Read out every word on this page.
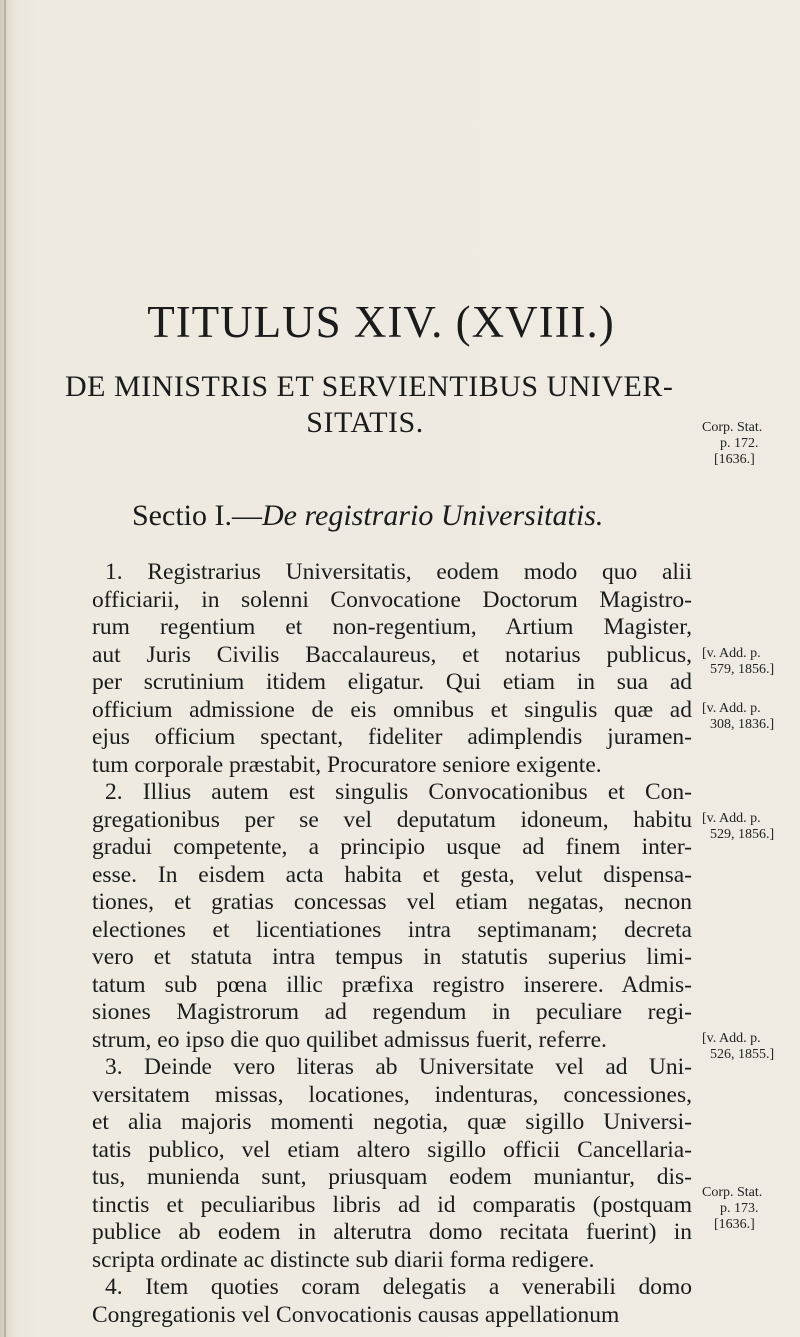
TITULUS XIV. (XVIII.)
DE MINISTRIS ET SERVIENTIBUS UNIVER-
SITATIS.
Sectio I.—De registrario Universitatis.
1. Registrarius Universitatis, eodem modo quo alii
officiarii, in solenni Convocatione Doctorum Magistro-
rum regentium et non-regentium, Artium Magister,
aut Juris Civilis Baccalaureus, et notarius publicus,
per scrutinium itidem eligatur. Qui etiam in sua ad
officium admissione de eis omnibus et singulis quæ ad
ejus officium spectant, fideliter adimplendis juramen-
tum corporale præstabit, Procuratore seniore exigente.
2. Illius autem est singulis Convocationibus et Con-
gregationibus per se vel deputatum idoneum, habitu
gradui competente, a principio usque ad finem inter-
esse. In eisdem acta habita et gesta, velut dispensa-
tiones, et gratias concessas vel etiam negatas, necnon
electiones et licentiationes intra septimanam; decreta
vero et statuta intra tempus in statutis superius limi-
tatum sub pœna illic præfixa registro inserere. Admis-
siones Magistrorum ad regendum in peculiare regi-
strum, eo ipso die quo quilibet admissus fuerit, referre.
3. Deinde vero literas ab Universitate vel ad Uni-
versitatem missas, locationes, indenturas, concessiones,
et alia majoris momenti negotia, quæ sigillo Universi-
tatis publico, vel etiam altero sigillo officii Cancellaria-
tus, munienda sunt, priusquam eodem muniantur, dis-
tinctis et peculiaribus libris ad id comparatis (postquam
publice ab eodem in alterutra domo recitata fuerint) in
scripta ordinate ac distincte sub diarii forma redigere.
4. Item quoties coram delegatis a venerabili domo
Congregationis vel Convocationis causas appellationum
Corp. Stat.
p. 172.
[1636.]
[v. Add. p.
579, 1856.]
[v. Add. p.
308, 1836.]
[v. Add. p.
529, 1856.]
[v. Add. p.
526, 1855.]
Corp. Stat.
p. 173.
[1636.]
